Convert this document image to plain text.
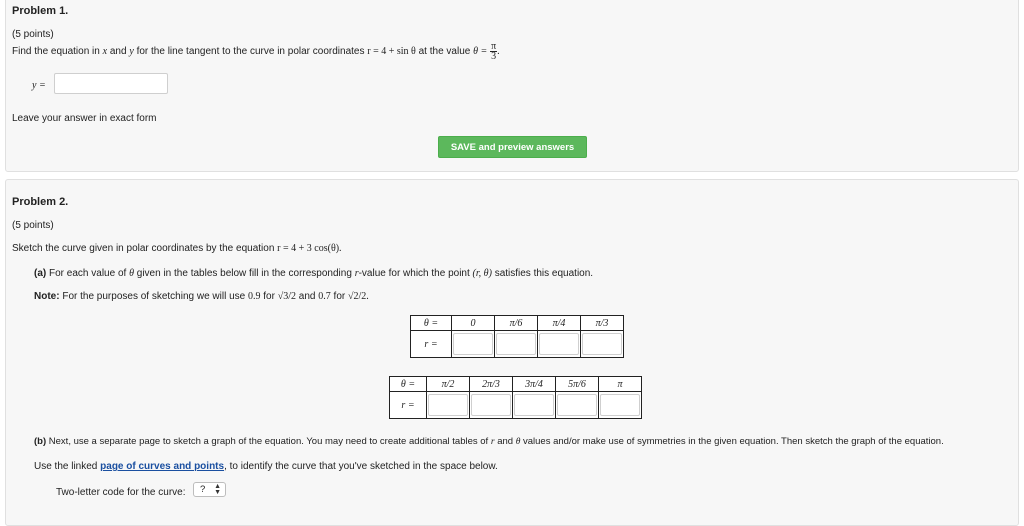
Problem 1.
(5 points)
Find the equation in x and y for the line tangent to the curve in polar coordinates r = 4 + sin θ at the value $\theta = \frac{\pi}{3}$ .
y =
Leave your answer in exact form
SAVE and preview answers
Problem 2.
(5 points)
Sketch the curve given in polar coordinates by the equation r = 4 + 3 cos(θ).
(a) For each value of θ given in the tables below fill in the corresponding r-value for which the point (r, θ) satisfies this equation.
Note: For the purposes of sketching we will use 0.9 for √3/2 and 0.7 for √2/2.
θ =	0	π/6	π/4	π/3
r =	

θ =	π/2	2π/3	3π/4	5π/6	π
r =	

(b) Next, use a separate page to sketch a graph of the equation. You may need to create additional tables of r and θ values and/or make use of symmetries in the given equation. Then sketch the graph of the equation.
Use the linked page of curves and points, to identify the curve that you've sketched in the space below.
Two-letter code for the curve: ? ▲
▼
